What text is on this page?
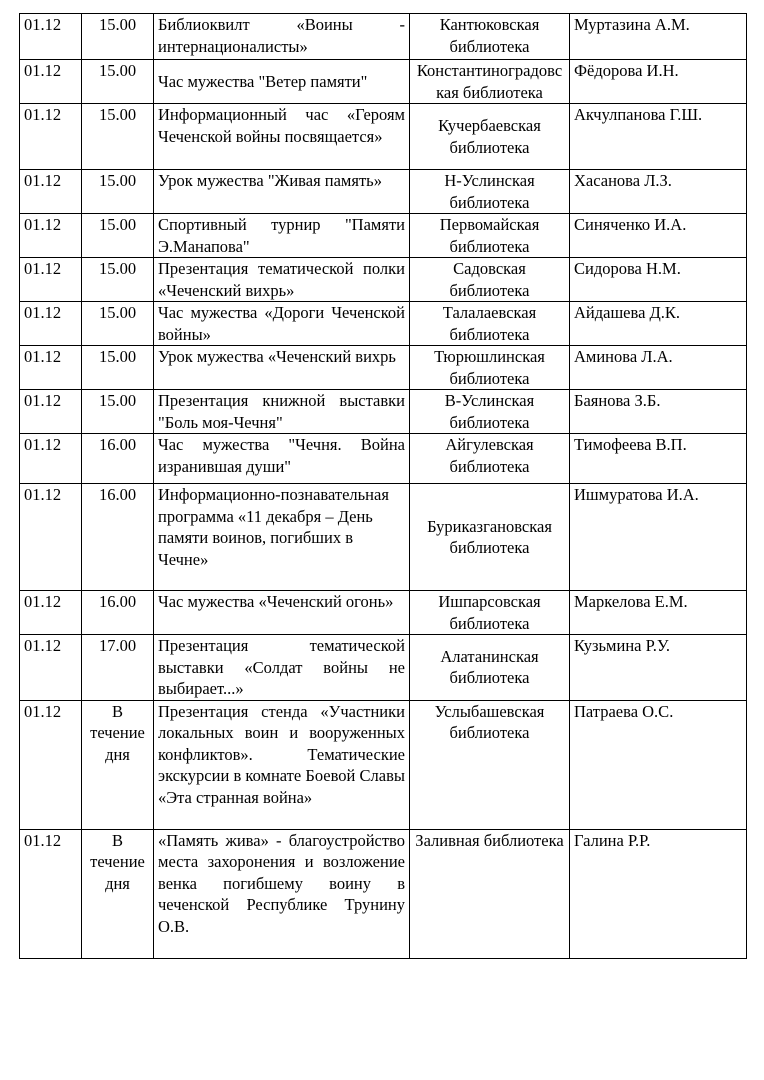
01.12	15.00	Библиоквилт «Воины - интернационалисты»	Кантюковская библиотека	Муртазина А.М.
01.12	15.00	Час мужества "Ветер памяти"	Константиноградовская библиотека	Фёдорова И.Н.
01.12	15.00	Информационный час «Героям Чеченской войны посвящается»	Кучербаевская библиотека	Акчулпанова Г.Ш.
01.12	15.00	Урок мужества "Живая память»	Н-Услинская библиотека	Хасанова Л.З.
01.12	15.00	Спортивный турнир "Памяти Э.Манапова"	Первомайская библиотека	Синяченко И.А.
01.12	15.00	Презентация тематической полки «Чеченский вихрь»	Садовская библиотека	Сидорова Н.М.
01.12	15.00	Час мужества «Дороги Чеченской войны»	Талалаевская библиотека	Айдашева Д.К.
01.12	15.00	Урок мужества «Чеченский вихрь	Тюрюшлинская библиотека	Аминова Л.А.
01.12	15.00	Презентация книжной выставки "Боль моя-Чечня"	В-Услинская библиотека	Баянова З.Б.
01.12	16.00	Час мужества "Чечня. Война изранившая души"	Айгулевская библиотека	Тимофеева В.П.
01.12	16.00	Информационно-познавательная программа «11 декабря – День памяти воинов, погибших в Чечне»	Буриказгановская библиотека	Ишмуратова И.А.
01.12	16.00	Час мужества «Чеченский огонь»	Ишпарсовская библиотека	Маркелова Е.М.
01.12	17.00	Презентация тематической выставки «Солдат войны не выбирает...»	Алатанинская библиотека	Кузьмина Р.У.
01.12	В течение дня	Презентация стенда «Участники локальных воин и вооруженных конфликтов». Тематические экскурсии в комнате Боевой Славы «Эта странная война»	Услыбашевская библиотека	Патраева О.С.
01.12	В течение дня	«Память жива» - благоустройство места захоронения и возложение венка погибшему воину в чеченской Республике Трунину О.В.	Заливная библиотека	Галина Р.Р.
